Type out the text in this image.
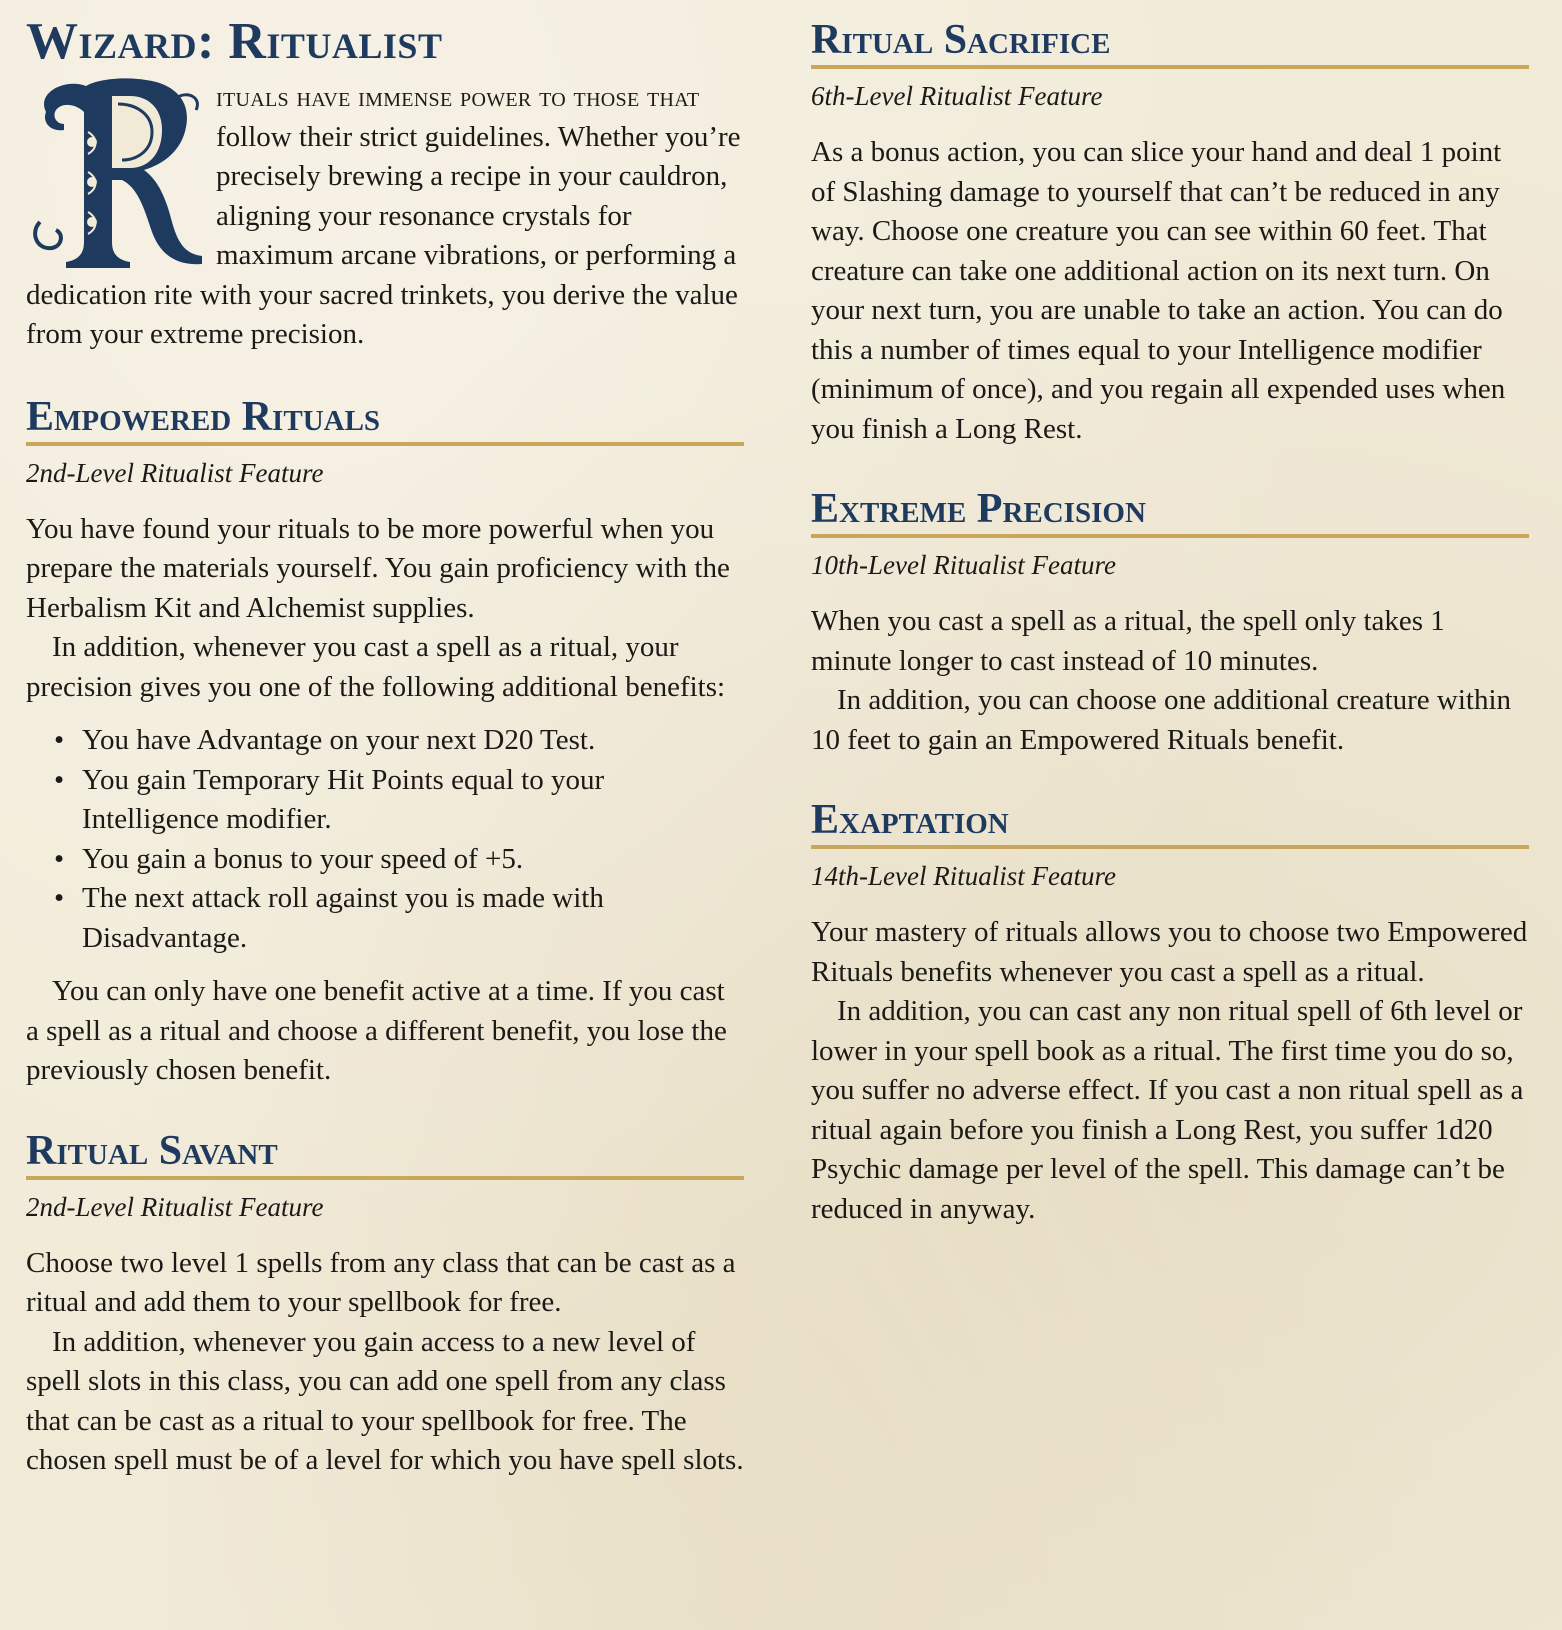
Wizard: Ritualist
ituals have immense power to those that follow their strict guidelines. Whether you’re precisely brewing a recipe in your cauldron, aligning your resonance crystals for maximum arcane vibrations, or performing a dedication rite with your sacred trinkets, you derive the value from your extreme precision.
Empowered Rituals

2nd-Level Ritualist Feature

You have found your rituals to be more powerful when you prepare the materials yourself. You gain proficiency with the Herbalism Kit and Alchemist supplies.

In addition, whenever you cast a spell as a ritual, your precision gives you one of the following additional benefits:

• You have Advantage on your next D20 Test.
• You gain Temporary Hit Points equal to your Intelligence modifier.
• You gain a bonus to your speed of +5.
• The next attack roll against you is made with Disadvantage.

You can only have one benefit active at a time. If you cast a spell as a ritual and choose a different benefit, you lose the previously chosen benefit.

Ritual Savant

2nd-Level Ritualist Feature

Choose two level 1 spells from any class that can be cast as a ritual and add them to your spellbook for free.

In addition, whenever you gain access to a new level of spell slots in this class, you can add one spell from any class that can be cast as a ritual to your spellbook for free. The chosen spell must be of a level for which you have spell slots.

Ritual Sacrifice

6th-Level Ritualist Feature

As a bonus action, you can slice your hand and deal 1 point of Slashing damage to yourself that can’t be reduced in any way. Choose one creature you can see within 60 feet. That creature can take one additional action on its next turn. On your next turn, you are unable to take an action. You can do this a number of times equal to your Intelligence modifier (minimum of once), and you regain all expended uses when you finish a Long Rest.

Extreme Precision

10th-Level Ritualist Feature

When you cast a spell as a ritual, the spell only takes 1 minute longer to cast instead of 10 minutes.

In addition, you can choose one additional creature within 10 feet to gain an Empowered Rituals benefit.

Exaptation

14th-Level Ritualist Feature

Your mastery of rituals allows you to choose two Empowered Rituals benefits whenever you cast a spell as a ritual.

In addition, you can cast any non ritual spell of 6th level or lower in your spell book as a ritual. The first time you do so, you suffer no adverse effect. If you cast a non ritual spell as a ritual again before you finish a Long Rest, you suffer 1d20 Psychic damage per level of the spell. This damage can’t be reduced in anyway.
